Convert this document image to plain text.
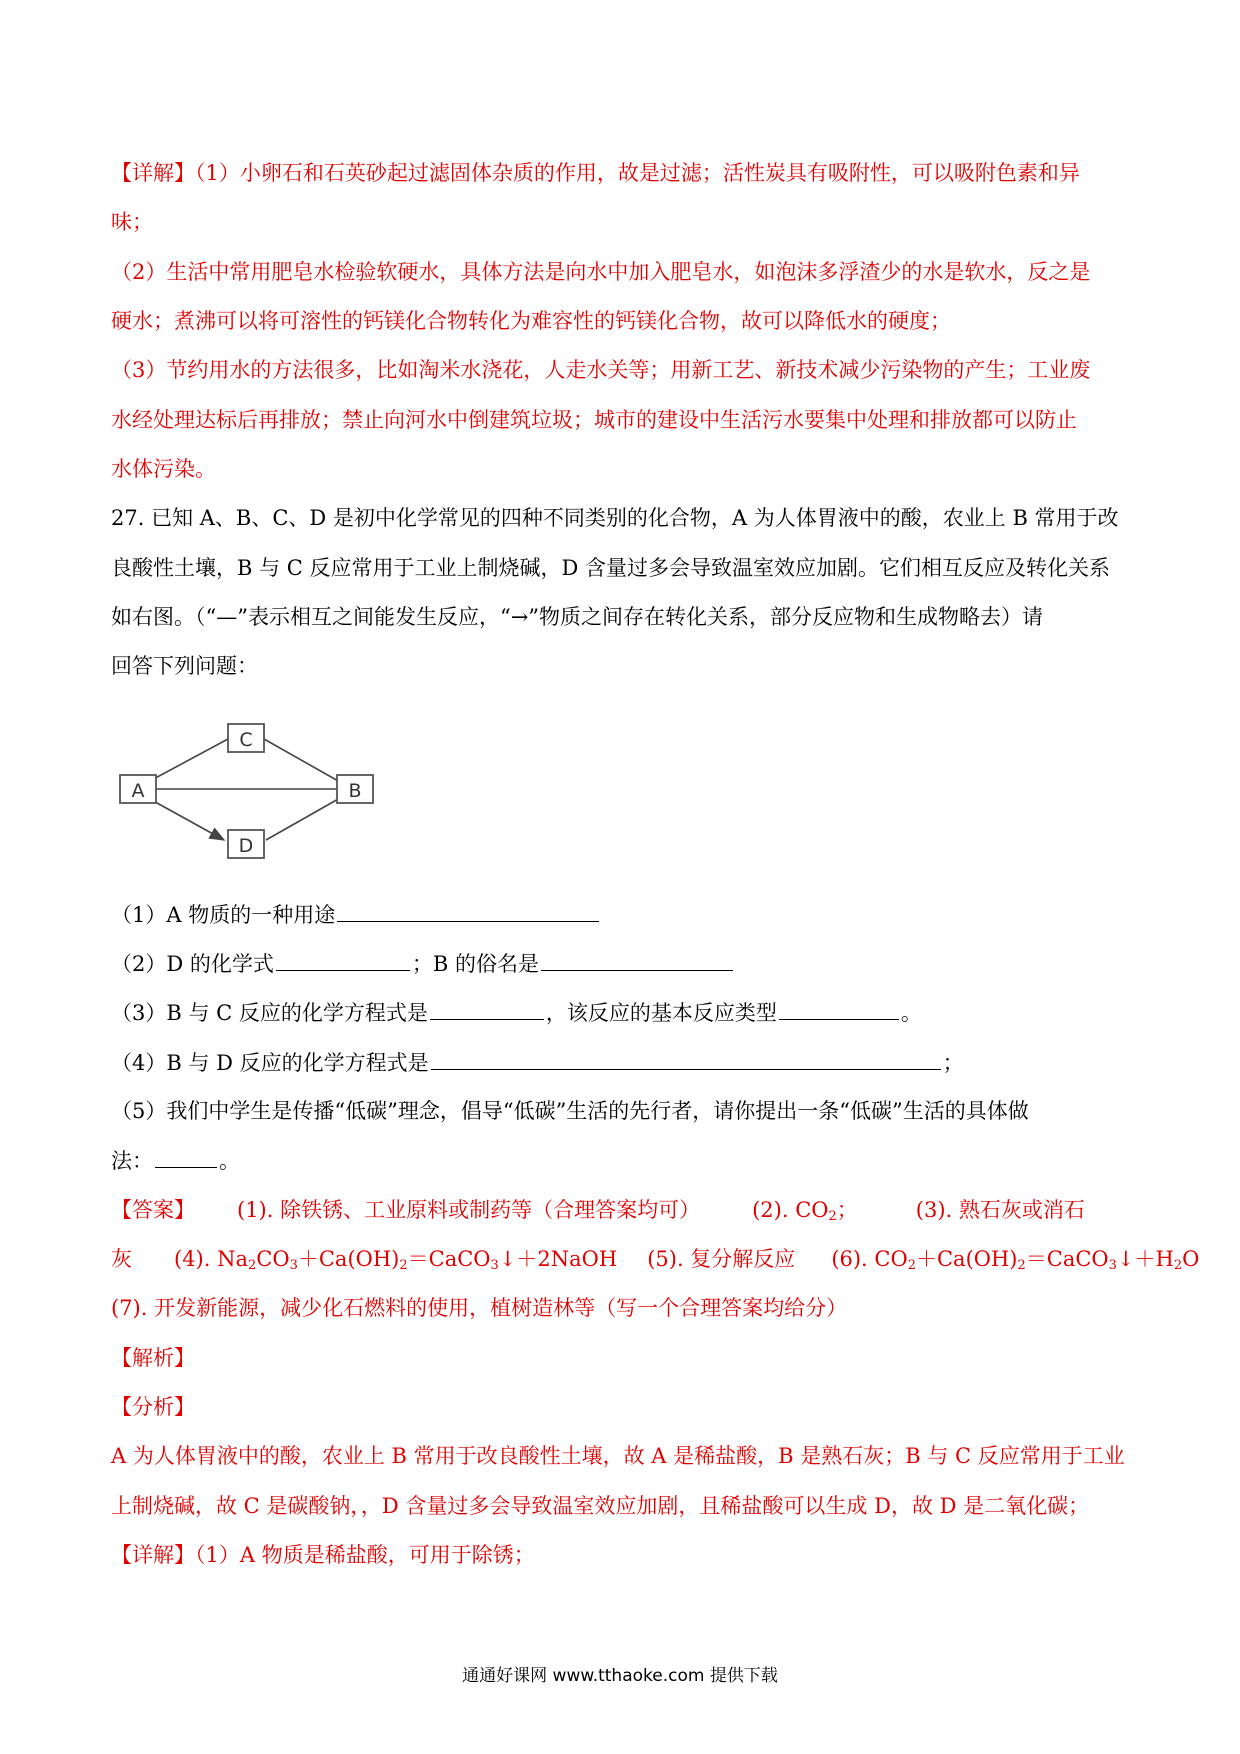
【详解】（1）小卵石和石英砂起过滤固体杂质的作用，故是过滤；活性炭具有吸附性，可以吸附色素和异
味；
（2）生活中常用肥皂水检验软硬水，具体方法是向水中加入肥皂水，如泡沫多浮渣少的水是软水，反之是
硬水；煮沸可以将可溶性的钙镁化合物转化为难容性的钙镁化合物，故可以降低水的硬度；
（3）节约用水的方法很多，比如淘米水浇花，人走水关等；用新工艺、新技术减少污染物的产生；工业废
水经处理达标后再排放；禁止向河水中倒建筑垃圾；城市的建设中生活污水要集中处理和排放都可以防止
水体污染。
27. 已知 A、B、C、D 是初中化学常见的四种不同类别的化合物，A 为人体胃液中的酸，农业上 B 常用于改
良酸性土壤，B 与 C 反应常用于工业上制烧碱，D 含量过多会导致温室效应加剧。它们相互反应及转化关系
如右图。（“—”表示相互之间能发生反应，“→”物质之间存在转化关系，部分反应物和生成物略去）请
回答下列问题：
C
A	B
D
（1）A 物质的一种用途
（2）D 的化学式	；B 的俗名是
（3）B 与 C 反应的化学方程式是	，该反应的基本反应类型	。
（4）B 与 D 反应的化学方程式是	；
（5）我们中学生是传播“低碳”理念，倡导“低碳”生活的先行者，请你提出一条“低碳”生活的具体做
法：	。
【答案】 (1). 除铁锈、工业原料或制药等（合理答案均可） (2). $CO_2$；	(3). 熟石灰或消石
灰 (4). $Na_2CO_3+Ca(OH)_2=CaCO_3↓+2NaOH$ (5). 复分解反应 (6). $CO_2+Ca(OH)_2=CaCO_3↓+H_2O$
(7). 开发新能源，减少化石燃料的使用，植树造林等（写一个合理答案均给分）
【解析】
【分析】
A 为人体胃液中的酸，农业上 B 常用于改良酸性土壤，故 A 是稀盐酸，B 是熟石灰；B 与 C 反应常用于工业
上制烧碱，故 C 是碳酸钠，，D 含量过多会导致温室效应加剧，且稀盐酸可以生成 D，故 D 是二氧化碳；
【详解】（1）A 物质是稀盐酸，可用于除锈；
通通好课网 www.tthaoke.com 提供下载
